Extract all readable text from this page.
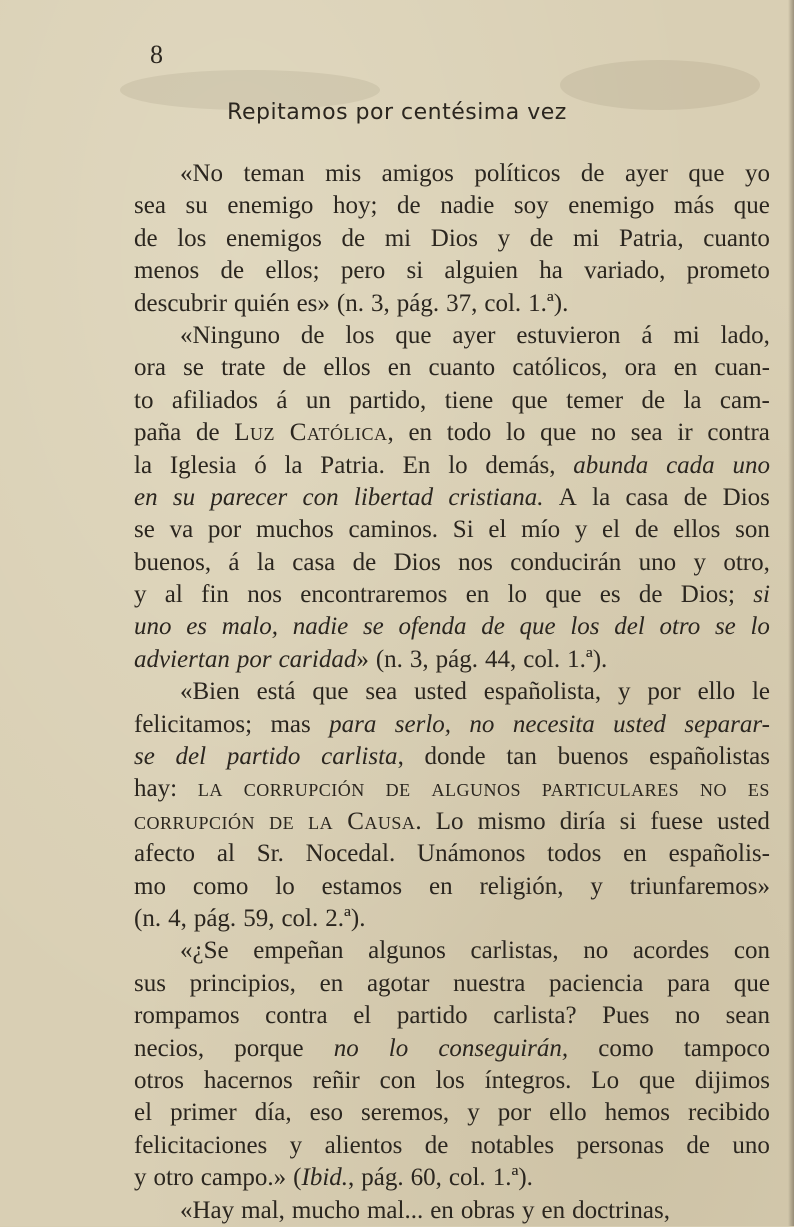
8
Repitamos por centésima vez
«No teman mis amigos políticos de ayer que yo
sea su enemigo hoy; de nadie soy enemigo más que
de los enemigos de mi Dios y de mi Patria, cuanto
menos de ellos; pero si alguien ha variado, prometo
descubrir quién es» (n. 3, pág. 37, col. 1.ª).
«Ninguno de los que ayer estuvieron á mi lado,
ora se trate de ellos en cuanto católicos, ora en cuan-
to afiliados á un partido, tiene que temer de la cam-
paña de Luz Católica, en todo lo que no sea ir contra
la Iglesia ó la Patria. En lo demás, abunda cada uno
en su parecer con libertad cristiana. A la casa de Dios
se va por muchos caminos. Si el mío y el de ellos son
buenos, á la casa de Dios nos conducirán uno y otro,
y al fin nos encontraremos en lo que es de Dios; si
uno es malo, nadie se ofenda de que los del otro se lo
adviertan por caridad» (n. 3, pág. 44, col. 1.ª).
«Bien está que sea usted españolista, y por ello le
felicitamos; mas para serlo, no necesita usted separar-
se del partido carlista, donde tan buenos españolistas
hay: la corrupción de algunos particulares no es
corrupción de la Causa. Lo mismo diría si fuese usted
afecto al Sr. Nocedal. Unámonos todos en españolis-
mo como lo estamos en religión, y triunfaremos»
(n. 4, pág. 59, col. 2.ª).
«¿Se empeñan algunos carlistas, no acordes con
sus principios, en agotar nuestra paciencia para que
rompamos contra el partido carlista? Pues no sean
necios, porque no lo conseguirán, como tampoco
otros hacernos reñir con los íntegros. Lo que dijimos
el primer día, eso seremos, y por ello hemos recibido
felicitaciones y alientos de notables personas de uno
y otro campo.» (Ibid., pág. 60, col. 1.ª).
«Hay mal, mucho mal... en obras y en doctrinas,
